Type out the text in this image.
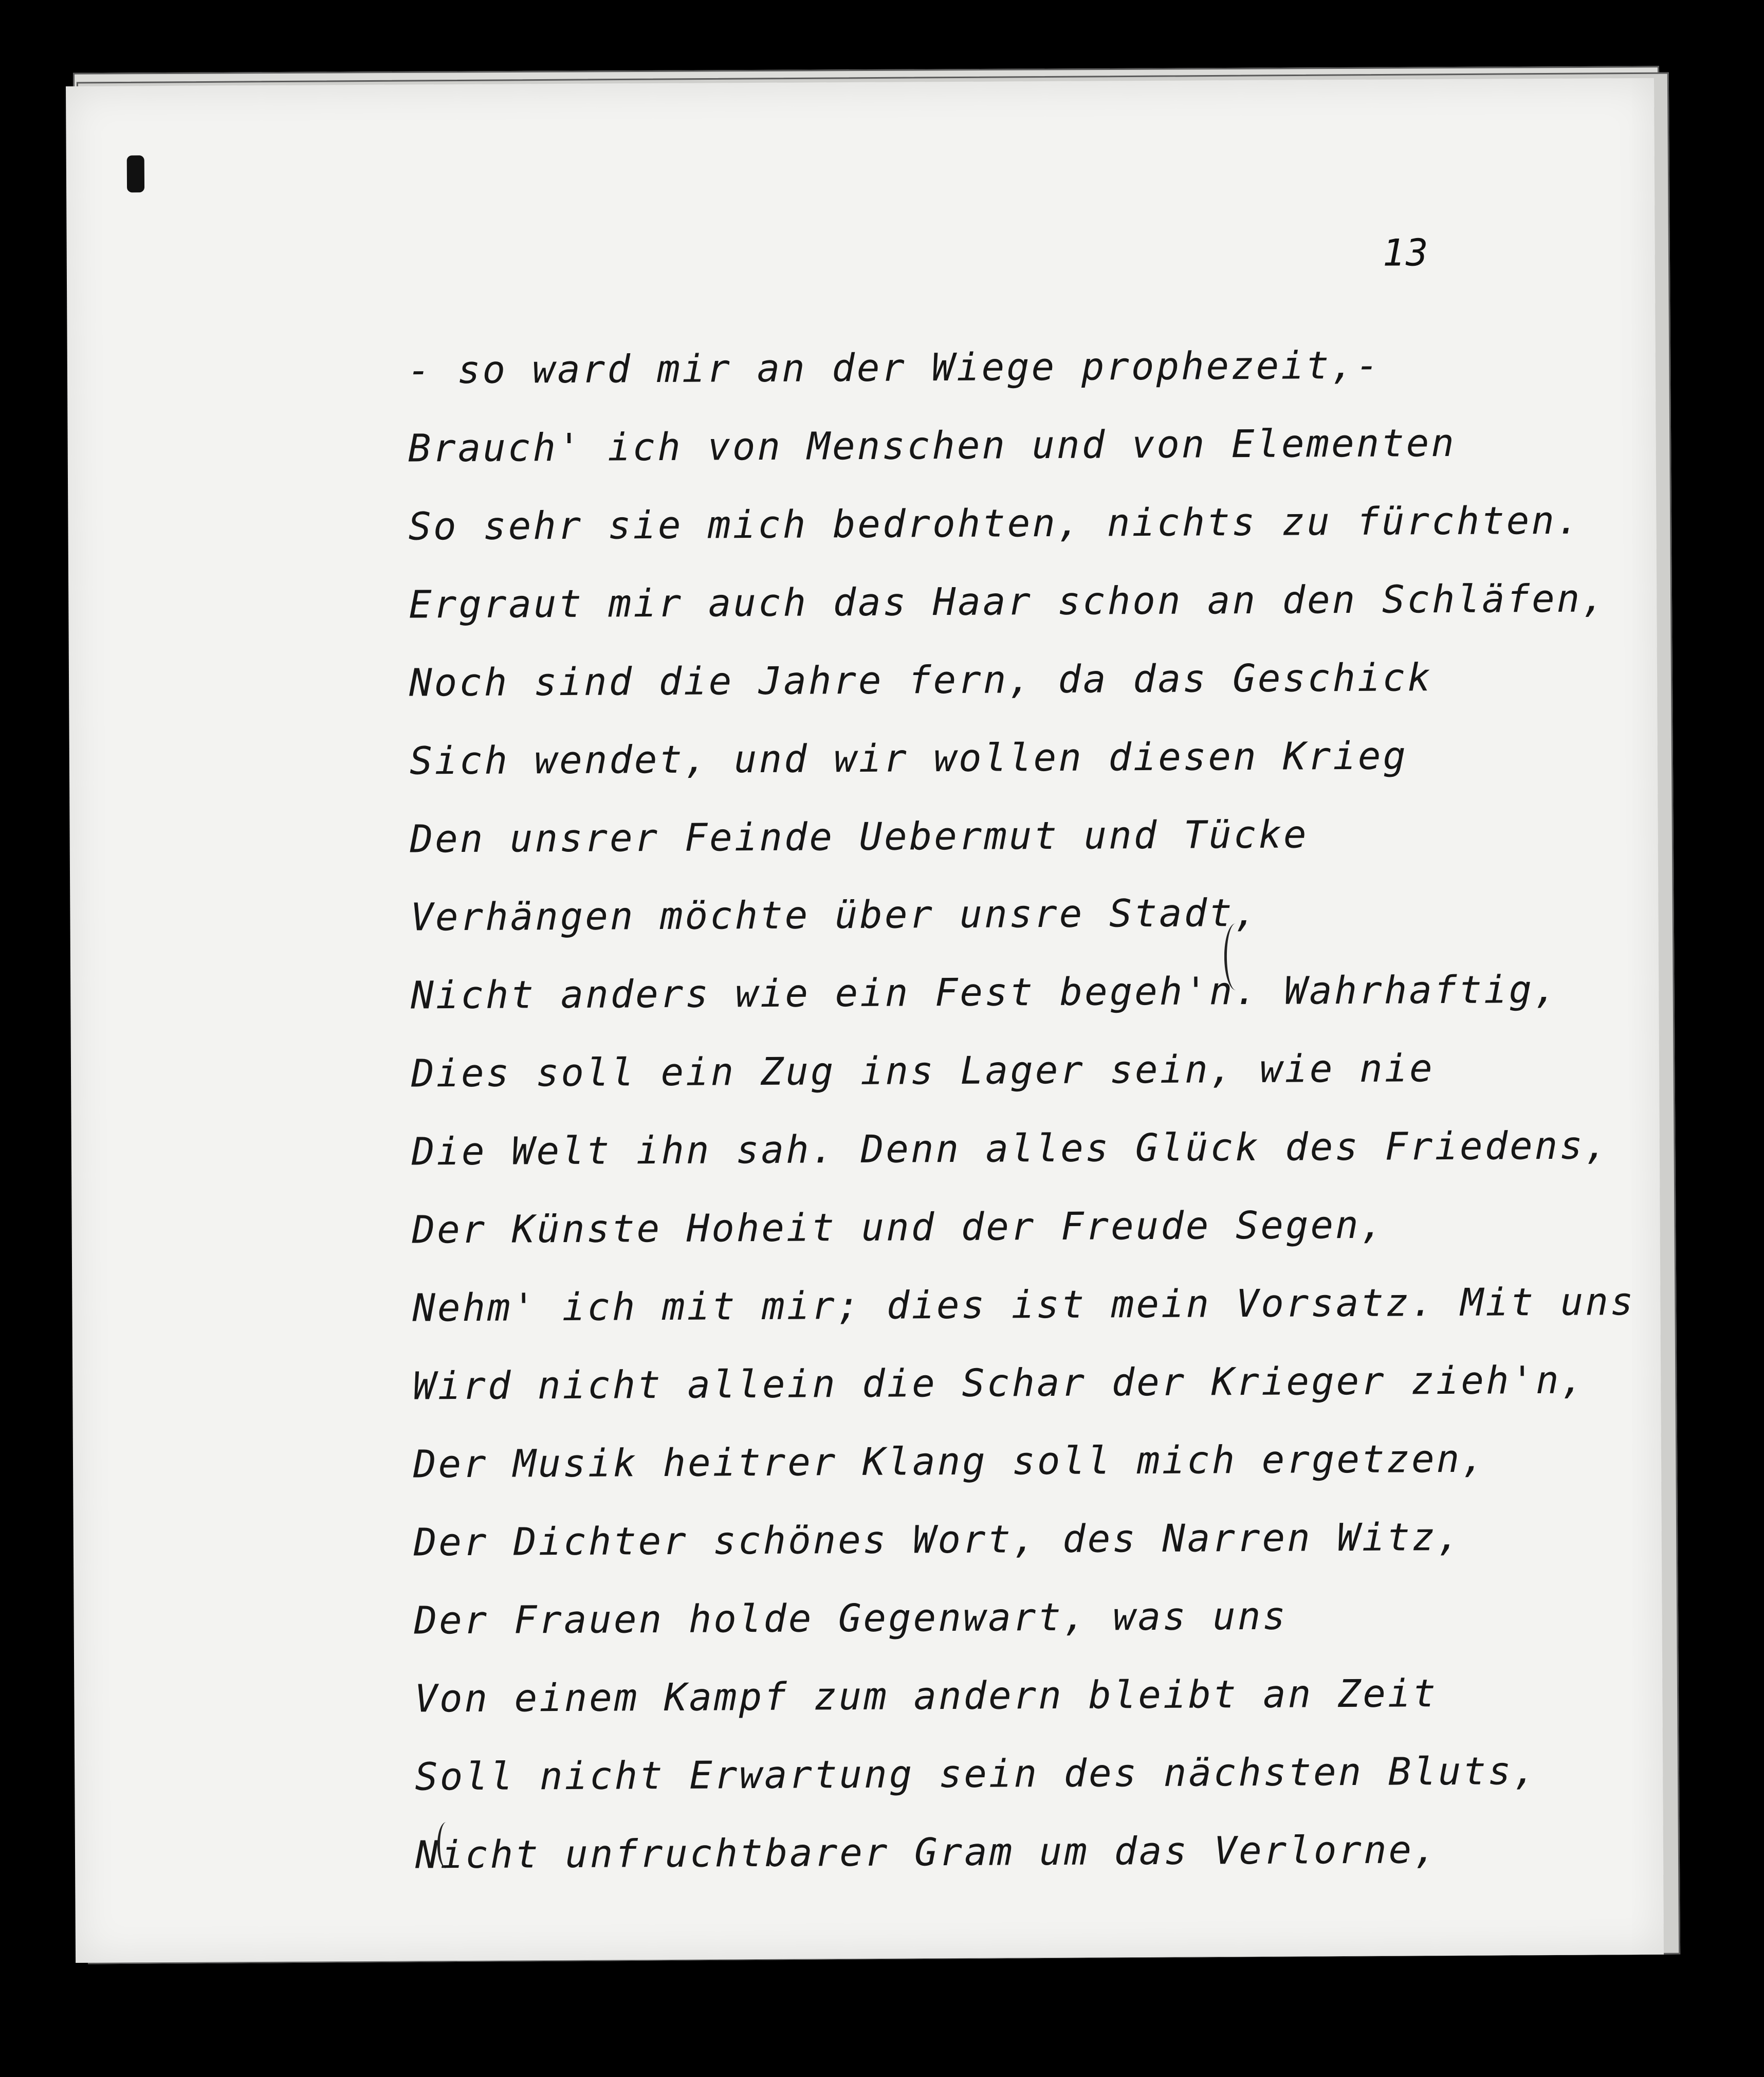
13
- so ward mir an der Wiege prophezeit,-
Brauch' ich von Menschen und von Elementen
So sehr sie mich bedrohten, nichts zu fürchten.
Ergraut mir auch das Haar schon an den Schläfen,
Noch sind die Jahre fern, da das Geschick
Sich wendet, und wir wollen diesen Krieg
Den unsrer Feinde Uebermut und Tücke
Verhängen möchte über unsre Stadt,
Nicht anders wie ein Fest begeh'n. Wahrhaftig,
Dies soll ein Zug ins Lager sein, wie nie
Die Welt ihn sah. Denn alles Glück des Friedens,
Der Künste Hoheit und der Freude Segen,
Nehm' ich mit mir; dies ist mein Vorsatz. Mit uns
Wird nicht allein die Schar der Krieger zieh'n,
Der Musik heitrer Klang soll mich ergetzen,
Der Dichter schönes Wort, des Narren Witz,
Der Frauen holde Gegenwart, was uns
Von einem Kampf zum andern bleibt an Zeit
Soll nicht Erwartung sein des nächsten Bluts,
Nicht unfruchtbarer Gram um das Verlorne,
